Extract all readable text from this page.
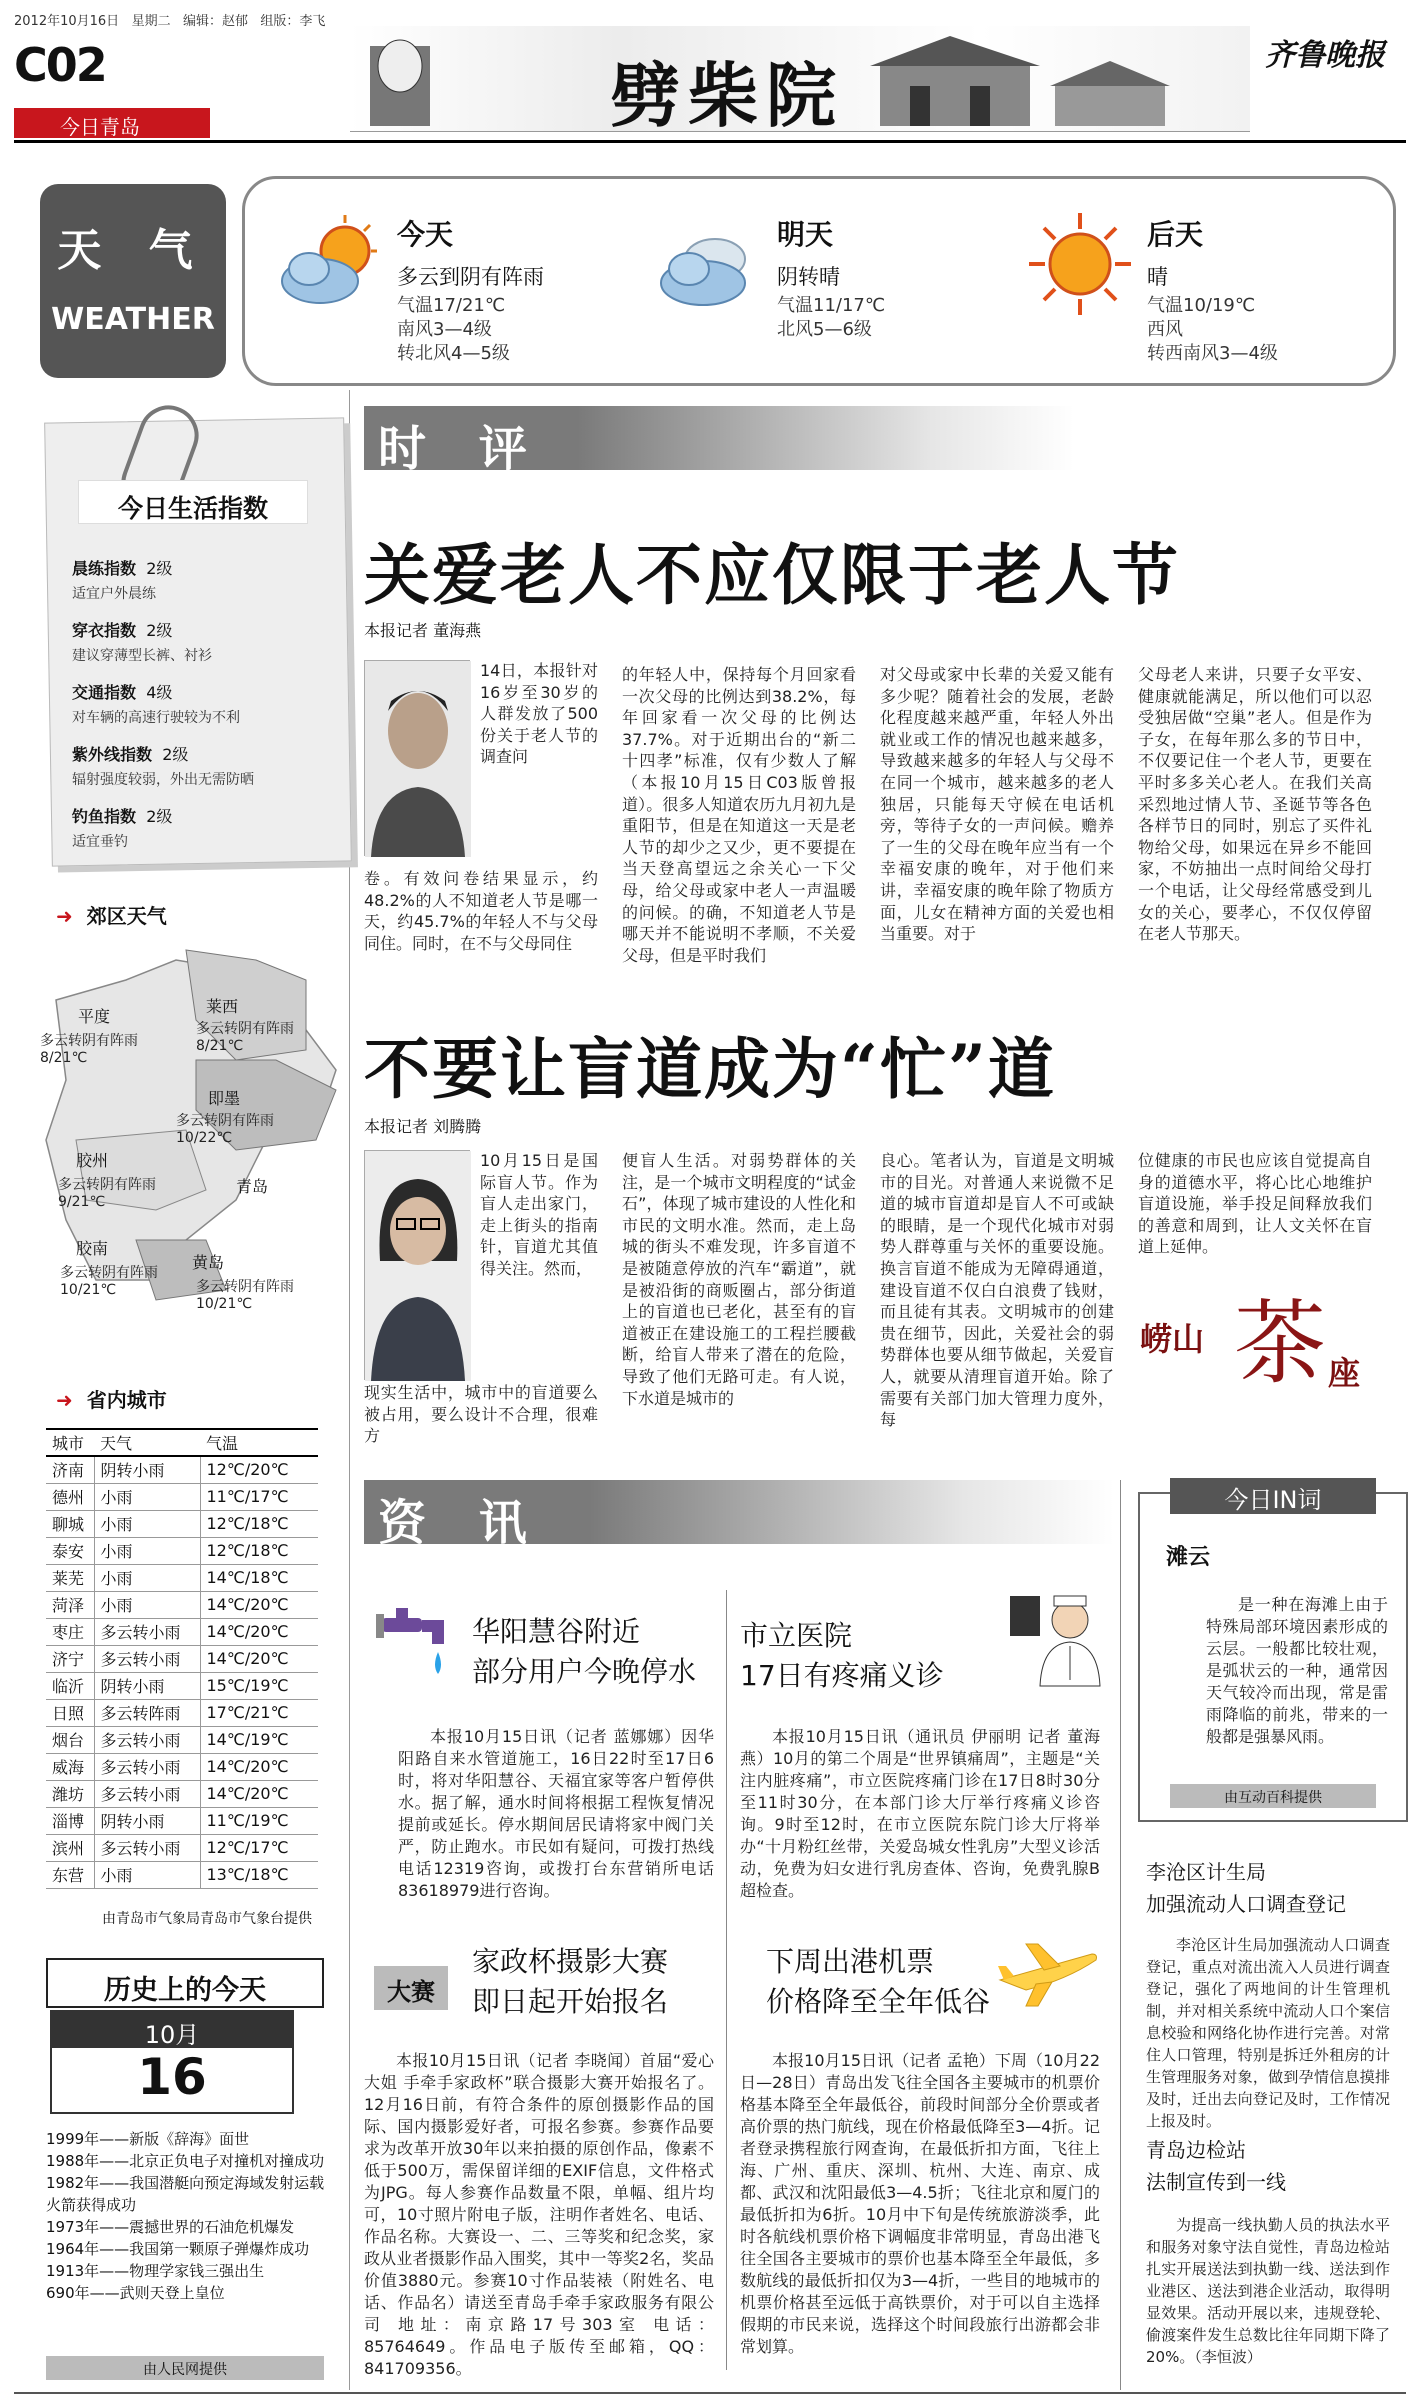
2012年10月16日 星期二 编辑：赵郁 组版：李飞
C02
今日青岛	劈柴院	齐鲁晚报
天 气
WEATHER
今天
多云到阴有阵雨
气温17/21℃
南风3—4级
转北风4—5级
明天
阴转晴
气温11/17℃
北风5—6级
后天
晴
气温10/19℃
西风
转西南风3—4级
今日生活指数
晨练指数 2级
适宜户外晨练
穿衣指数 2级
建议穿薄型长裤、衬衫
交通指数 4级
对车辆的高速行驶较为不利
紫外线指数 2级
辐射强度较弱，外出无需防晒
钓鱼指数 2级
适宜垂钓
➜ 郊区天气
平度
多云转阴有阵雨
8/21℃
莱西
多云转阴有阵雨
8/21℃
即墨
多云转阴有阵雨
10/22℃
胶州
多云转阴有阵雨
9/21℃
青岛
胶南
多云转阴有阵雨
10/21℃
黄岛
多云转阴有阵雨
10/21℃
➜ 省内城市
城市	天气	气温
济南	阴转小雨	12℃/20℃
德州	小雨	11℃/17℃
聊城	小雨	12℃/18℃
泰安	小雨	12℃/18℃
莱芜	小雨	14℃/18℃
菏泽	小雨	14℃/20℃
枣庄	多云转小雨	14℃/20℃
济宁	多云转小雨	14℃/20℃
临沂	阴转小雨	15℃/19℃
日照	多云转阵雨	17℃/21℃
烟台	多云转小雨	14℃/19℃
威海	多云转小雨	14℃/20℃
潍坊	多云转小雨	14℃/20℃
淄博	阴转小雨	11℃/19℃
滨州	多云转小雨	12℃/17℃
东营	小雨	13℃/18℃
由青岛市气象局青岛市气象台提供
历史上的今天
10月
16
1999年——新版《辞海》面世
1988年——北京正负电子对撞机对撞成功
1982年——我国潜艇向预定海域发射运载火箭获得成功
1973年——震撼世界的石油危机爆发
1964年——我国第一颗原子弹爆炸成功
1913年——物理学家钱三强出生
690年——武则天登上皇位
由人民网提供
时 评
关爱老人不应仅限于老人节
本报记者 董海燕
14日，本报针对16岁至30岁的人群发放了500份关于老人节的调查问
卷。有效问卷结果显示，约48.2%的人不知道老人节是哪一天，约45.7%的年轻人不与父母同住。同时，在不与父母同住
的年轻人中，保持每个月回家看一次父母的比例达到38.2%，每年回家看一次父母的比例达37.7%。对于近期出台的“新二十四孝”标准，仅有少数人了解（本报10月15日C03版曾报道）。很多人知道农历九月初九是重阳节，但是在知道这一天是老人节的却少之又少，更不要提在当天登高望远之余关心一下父母，给父母或家中老人一声温暖的问候。的确，不知道老人节是哪天并不能说明不孝顺，不关爱父母，但是平时我们
对父母或家中长辈的关爱又能有多少呢？随着社会的发展，老龄化程度越来越严重，年轻人外出就业或工作的情况也越来越多，导致越来越多的年轻人与父母不在同一个城市，越来越多的老人独居，只能每天守候在电话机旁，等待子女的一声问候。赡养了一生的父母在晚年应当有一个幸福安康的晚年，对于他们来讲，幸福安康的晚年除了物质方面，儿女在精神方面的关爱也相当重要。对于
父母老人来讲，只要子女平安、健康就能满足，所以他们可以忍受独居做“空巢”老人。但是作为子女，在每年那么多的节日中，不仅要记住一个老人节，更要在平时多多关心老人。在我们关高采烈地过情人节、圣诞节等各色各样节日的同时，别忘了买件礼物给父母，如果远在异乡不能回家，不妨抽出一点时间给父母打一个电话，让父母经常感受到儿女的关心，要孝心，不仅仅停留在老人节那天。
不要让盲道成为“忙”道
本报记者 刘腾腾
10月15日是国际盲人节。作为盲人走出家门，走上街头的指南针，盲道尤其值得关注。然而，
现实生活中，城市中的盲道要么被占用，要么设计不合理，很难方
便盲人生活。对弱势群体的关注，是一个城市文明程度的“试金石”，体现了城市建设的人性化和市民的文明水准。然而，走上岛城的街头不难发现，许多盲道不是被随意停放的汽车“霸道”，就是被沿街的商贩圈占，部分街道上的盲道也已老化，甚至有的盲道被正在建设施工的工程拦腰截断，给盲人带来了潜在的危险，导致了他们无路可走。有人说，下水道是城市的
良心。笔者认为，盲道是文明城市的目光。对普通人来说微不足道的城市盲道却是盲人不可或缺的眼睛，是一个现代化城市对弱势人群尊重与关怀的重要设施。换言盲道不能成为无障碍通道，建设盲道不仅白白浪费了钱财，而且徒有其表。文明城市的创建贵在细节，因此，关爱社会的弱势群体也要从细节做起，关爱盲人，就要从清理盲道开始。除了需要有关部门加大管理力度外，每
位健康的市民也应该自觉提高自身的道德水平，将心比心地维护盲道设施，举手投足间释放我们的善意和周到，让人文关怀在盲道上延伸。
崂山 茶 座
资 讯
华阳慧谷附近
部分用户今晚停水
本报10月15日讯（记者 蓝娜娜）因华阳路自来水管道施工，16日22时至17日6时，将对华阳慧谷、天福宜家等客户暂停供水。据了解，通水时间将根据工程恢复情况提前或延长。停水期间居民请将家中阀门关严，防止跑水。市民如有疑问，可拨打热线电话12319咨询，或拨打台东营销所电话83618979进行咨询。
市立医院
17日有疼痛义诊
本报10月15日讯（通讯员 伊丽明 记者 董海燕）10月的第二个周是“世界镇痛周”，主题是“关注内脏疼痛”，市立医院疼痛门诊在17日8时30分至11时30分，在本部门诊大厅举行疼痛义诊咨询。9时至12时，在市立医院东院门诊大厅将举办“十月粉红丝带，关爱岛城女性乳房”大型义诊活动，免费为妇女进行乳房查体、咨询，免费乳腺B超检查。
大赛
家政杯摄影大赛
即日起开始报名
本报10月15日讯（记者 李晓闻）首届“爱心大姐 手牵手家政杯”联合摄影大赛开始报名了。12月16日前，有符合条件的原创摄影作品的国际、国内摄影爱好者，可报名参赛。参赛作品要求为改革开放30年以来拍摄的原创作品，像素不低于500万，需保留详细的EXIF信息，文件格式为JPG。每人参赛作品数量不限，单幅、组片均可，10寸照片附电子版，注明作者姓名、电话、作品名称。大赛设一、二、三等奖和纪念奖，家政从业者摄影作品入围奖，其中一等奖2名，奖品价值3880元。参赛10寸作品装裱（附姓名、电话、作品名）请送至青岛手牵手家政服务有限公司 地址：南京路17号303室 电话：85764649。作品电子版传至邮箱，QQ：841709356。
下周出港机票
价格降至全年低谷
本报10月15日讯（记者 孟艳）下周（10月22日—28日）青岛出发飞往全国各主要城市的机票价格基本降至全年最低谷，前段时间部分全价票或者高价票的热门航线，现在价格最低降至3—4折。记者登录携程旅行网查询，在最低折扣方面，飞往上海、广州、重庆、深圳、杭州、大连、南京、成都、武汉和沈阳最低3—4.5折；飞往北京和厦门的最低折扣为6折。10月中下旬是传统旅游淡季，此时各航线机票价格下调幅度非常明显，青岛出港飞往全国各主要城市的票价也基本降至全年最低，多数航线的最低折扣仅为3—4折，一些目的地城市的机票价格甚至远低于高铁票价，对于可以自主选择假期的市民来说，选择这个时间段旅行出游都会非常划算。
今日IN词
滩云
是一种在海滩上由于特殊局部环境因素形成的云层。一般都比较壮观，是弧状云的一种，通常因天气较冷而出现，常是雷雨降临的前兆，带来的一般都是强暴风雨。
由互动百科提供
李沧区计生局
加强流动人口调查登记
李沧区计生局加强流动人口调查登记，重点对流出流入人员进行调查登记，强化了两地间的计生管理机制，并对相关系统中流动人口个案信息校验和网络化协作进行完善。对常住人口管理，特别是拆迁外租房的计生管理服务对象，做到孕情信息摸排及时，迁出去向登记及时，工作情况上报及时。
青岛边检站
法制宣传到一线
为提高一线执勤人员的执法水平和服务对象守法自觉性，青岛边检站扎实开展送法到执勤一线、送法到作业港区、送法到港企业活动，取得明显效果。活动开展以来，违规登轮、偷渡案件发生总数比往年同期下降了20%。（李恒波）
